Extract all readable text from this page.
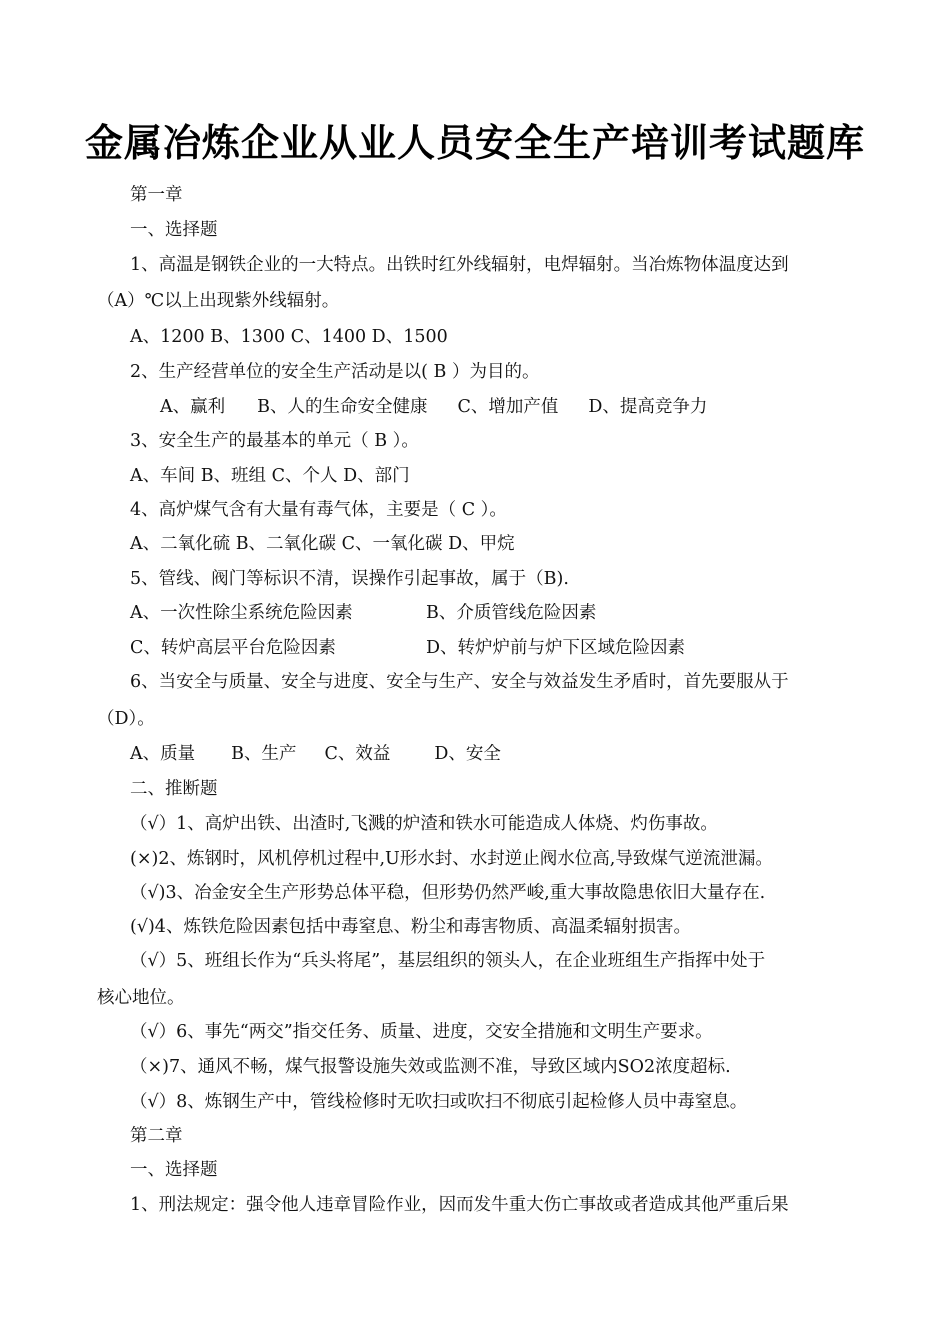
金属冶炼企业从业人员安全生产培训考试题库
第一章
一、选择题
1、高温是钢铁企业的一大特点。出铁时红外线辐射，电焊辐射。当冶炼物体温度达到
（A）℃以上出现紫外线辐射。
A、1200 B、1300 C、1400 D、1500
2、生产经营单位的安全生产活动是以( B ）为目的。
A、赢利 B、人的生命安全健康 C、增加产值 D、提高竞争力
3、安全生产的最基本的单元（ B ）。
A、车间 B、班组 C、个人 D、部门
4、高炉煤气含有大量有毒气体，主要是（ C ）。
A、二氧化硫 B、二氧化碳 C、一氧化碳 D、甲烷
5、管线、阀门等标识不清，误操作引起事故，属于（B).
A、一次性除尘系统危险因素	B、介质管线危险因素
C、转炉高层平台危险因素	D、转炉炉前与炉下区域危险因素
6、当安全与质量、安全与进度、安全与生产、安全与效益发生矛盾时，首先要服从于
（D）。
A、质量 B、生产 C、效益	D、安全
二、推断题
（√）1、高炉出铁、出渣时,飞溅的炉渣和铁水可能造成人体烧、灼伤事故。
(×)2、炼钢时，风机停机过程中,U形水封、水封逆止阀水位高,导致煤气逆流泄漏。
（√)3、冶金安全生产形势总体平稳，但形势仍然严峻,重大事故隐患依旧大量存在.
(√)4、炼铁危险因素包括中毒窒息、粉尘和毒害物质、高温柔辐射损害。
（√）5、班组长作为“兵头将尾”，基层组织的领头人，在企业班组生产指挥中处于
核心地位。
（√）6、事先“两交”指交任务、质量、进度，交安全措施和文明生产要求。
（×)7、通风不畅，煤气报警设施失效或监测不准，导致区域内SO2浓度超标.
（√）8、炼钢生产中，管线检修时无吹扫或吹扫不彻底引起检修人员中毒窒息。
第二章
一、选择题
1、刑法规定：强令他人违章冒险作业，因而发牛重大伤亡事故或者造成其他严重后果
